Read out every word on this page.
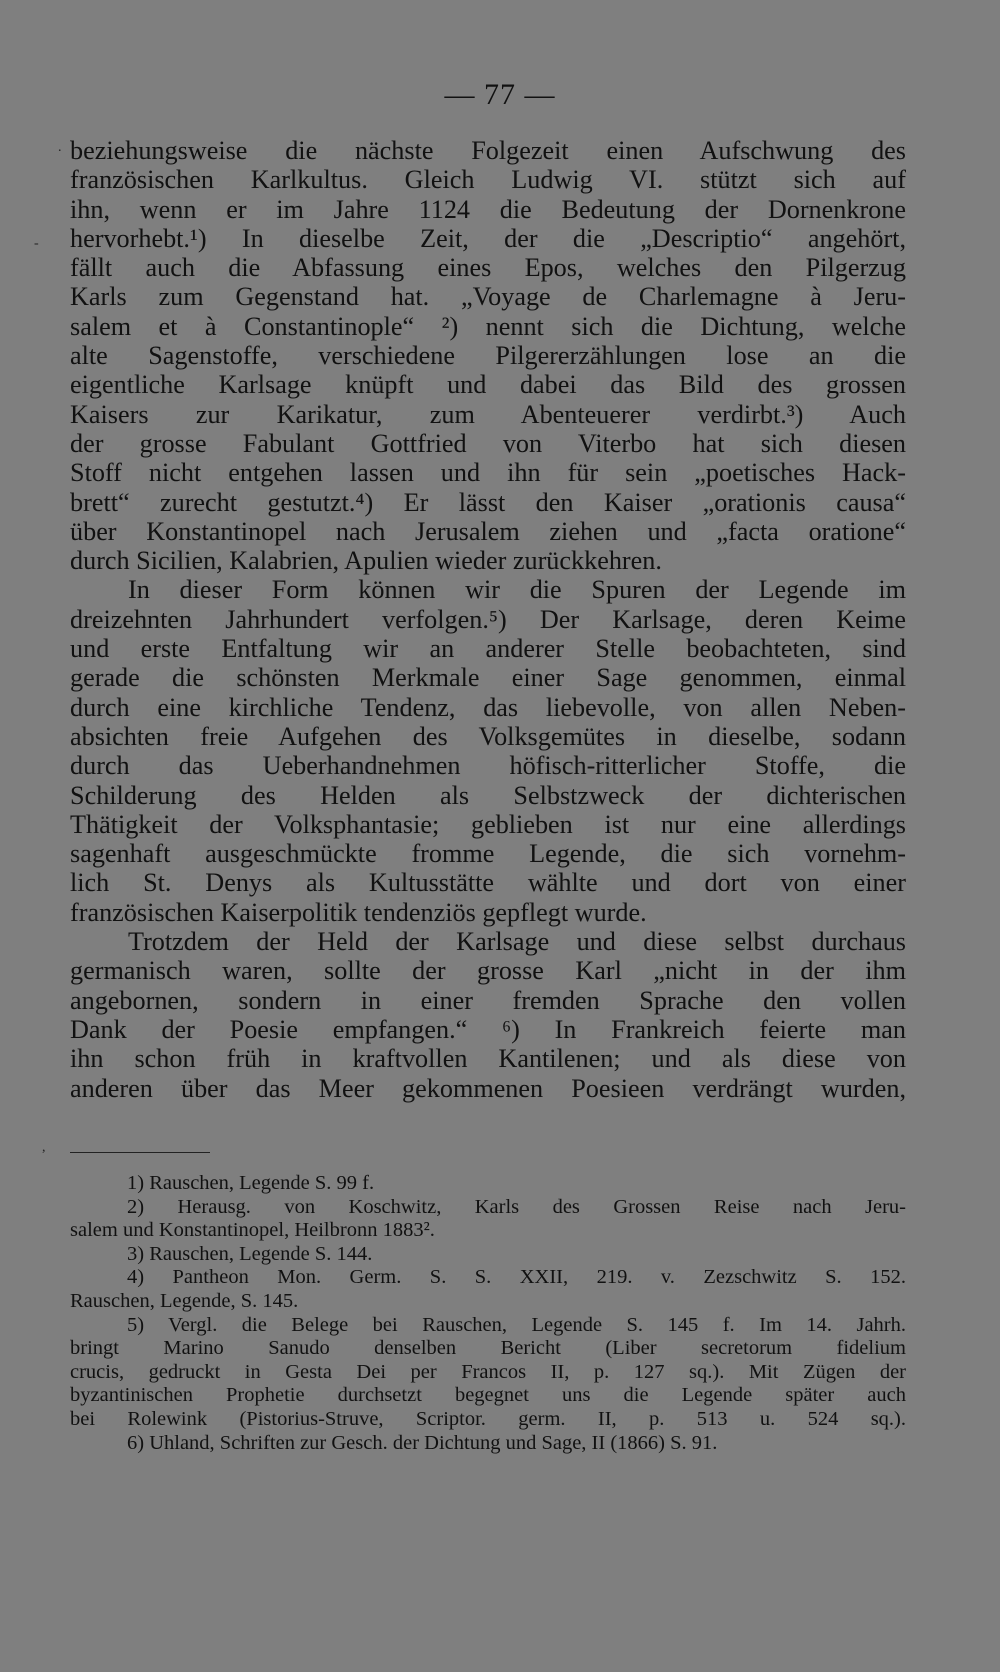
— 77 —
beziehungsweise die nächste Folgezeit einen Aufschwung des
französischen Karlkultus. Gleich Ludwig VI. stützt sich auf
ihn, wenn er im Jahre 1124 die Bedeutung der Dornenkrone
hervorhebt.¹) In dieselbe Zeit, der die „Descriptio“ angehört,
fällt auch die Abfassung eines Epos, welches den Pilgerzug
Karls zum Gegenstand hat. „Voyage de Charlemagne à Jeru-
salem et à Constantinople“ ²) nennt sich die Dichtung, welche
alte Sagenstoffe, verschiedene Pilgererzählungen lose an die
eigentliche Karlsage knüpft und dabei das Bild des grossen
Kaisers zur Karikatur, zum Abenteuerer verdirbt.³) Auch
der grosse Fabulant Gottfried von Viterbo hat sich diesen
Stoff nicht entgehen lassen und ihn für sein „poetisches Hack-
brett“ zurecht gestutzt.⁴) Er lässt den Kaiser „orationis causa“
über Konstantinopel nach Jerusalem ziehen und „facta oratione“
durch Sicilien, Kalabrien, Apulien wieder zurückkehren.
In dieser Form können wir die Spuren der Legende im
dreizehnten Jahrhundert verfolgen.⁵) Der Karlsage, deren Keime
und erste Entfaltung wir an anderer Stelle beobachteten, sind
gerade die schönsten Merkmale einer Sage genommen, einmal
durch eine kirchliche Tendenz, das liebevolle, von allen Neben-
absichten freie Aufgehen des Volksgemütes in dieselbe, sodann
durch das Ueberhandnehmen höfisch-ritterlicher Stoffe, die
Schilderung des Helden als Selbstzweck der dichterischen
Thätigkeit der Volksphantasie; geblieben ist nur eine allerdings
sagenhaft ausgeschmückte fromme Legende, die sich vornehm-
lich St. Denys als Kultusstätte wählte und dort von einer
französischen Kaiserpolitik tendenziös gepflegt wurde.
Trotzdem der Held der Karlsage und diese selbst durchaus
germanisch waren, sollte der grosse Karl „nicht in der ihm
angebornen, sondern in einer fremden Sprache den vollen
Dank der Poesie empfangen.“ ⁶) In Frankreich feierte man
ihn schon früh in kraftvollen Kantilenen; und als diese von
anderen über das Meer gekommenen Poesieen verdrängt wurden,
1) Rauschen, Legende S. 99 f.
2) Herausg. von Koschwitz, Karls des Grossen Reise nach Jeru-
salem und Konstantinopel, Heilbronn 1883².
3) Rauschen, Legende S. 144.
4) Pantheon Mon. Germ. S. S. XXII, 219. v. Zezschwitz S. 152.
Rauschen, Legende, S. 145.
5) Vergl. die Belege bei Rauschen, Legende S. 145 f. Im 14. Jahrh.
bringt Marino Sanudo denselben Bericht (Liber secretorum fidelium
crucis, gedruckt in Gesta Dei per Francos II, p. 127 sq.). Mit Zügen der
byzantinischen Prophetie durchsetzt begegnet uns die Legende später auch
bei Rolewink (Pistorius-Struve, Scriptor. germ. II, p. 513 u. 524 sq.).
6) Uhland, Schriften zur Gesch. der Dichtung und Sage, II (1866) S. 91.
.
-
,
